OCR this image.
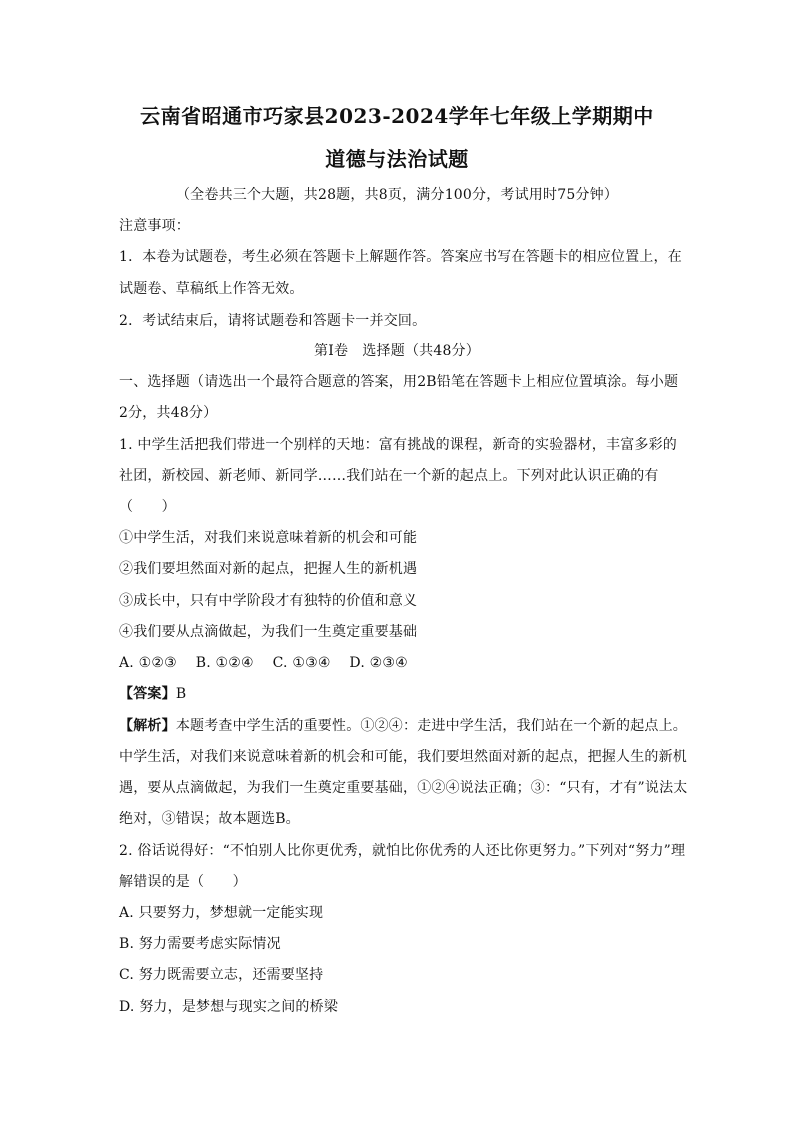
云南省昭通市巧家县2023-2024学年七年级上学期期中
道德与法治试题
（全卷共三个大题，共28题，共8页，满分100分，考试用时75分钟）
注意事项：
1．本卷为试题卷，考生必须在答题卡上解题作答。答案应书写在答题卡的相应位置上，在
试题卷、草稿纸上作答无效。
2．考试结束后，请将试题卷和答题卡一并交回。
第Ⅰ卷　选择题（共48分）
一、选择题（请选出一个最符合题意的答案，用2B铅笔在答题卡上相应位置填涂。每小题
2分，共48分）
1. 中学生活把我们带进一个别样的天地：富有挑战的课程，新奇的实验器材，丰富多彩的
社团，新校园、新老师、新同学……我们站在一个新的起点上。下列对此认识正确的有
（　　）
①中学生活，对我们来说意味着新的机会和可能
②我们要坦然面对新的起点，把握人生的新机遇
③成长中，只有中学阶段才有独特的价值和意义
④我们要从点滴做起，为我们一生奠定重要基础
A. ①②③　 B. ①②④　 C. ①③④　 D. ②③④
【答案】B
【解析】本题考查中学生活的重要性。①②④：走进中学生活，我们站在一个新的起点上。
中学生活，对我们来说意味着新的机会和可能，我们要坦然面对新的起点，把握人生的新机
遇，要从点滴做起，为我们一生奠定重要基础，①②④说法正确；③：“只有，才有”说法太
绝对，③错误；故本题选B。
2. 俗话说得好：“不怕别人比你更优秀，就怕比你优秀的人还比你更努力。”下列对“努力”理
解错误的是（　　）
A. 只要努力，梦想就一定能实现
B. 努力需要考虑实际情况
C. 努力既需要立志，还需要坚持
D. 努力，是梦想与现实之间的桥梁
